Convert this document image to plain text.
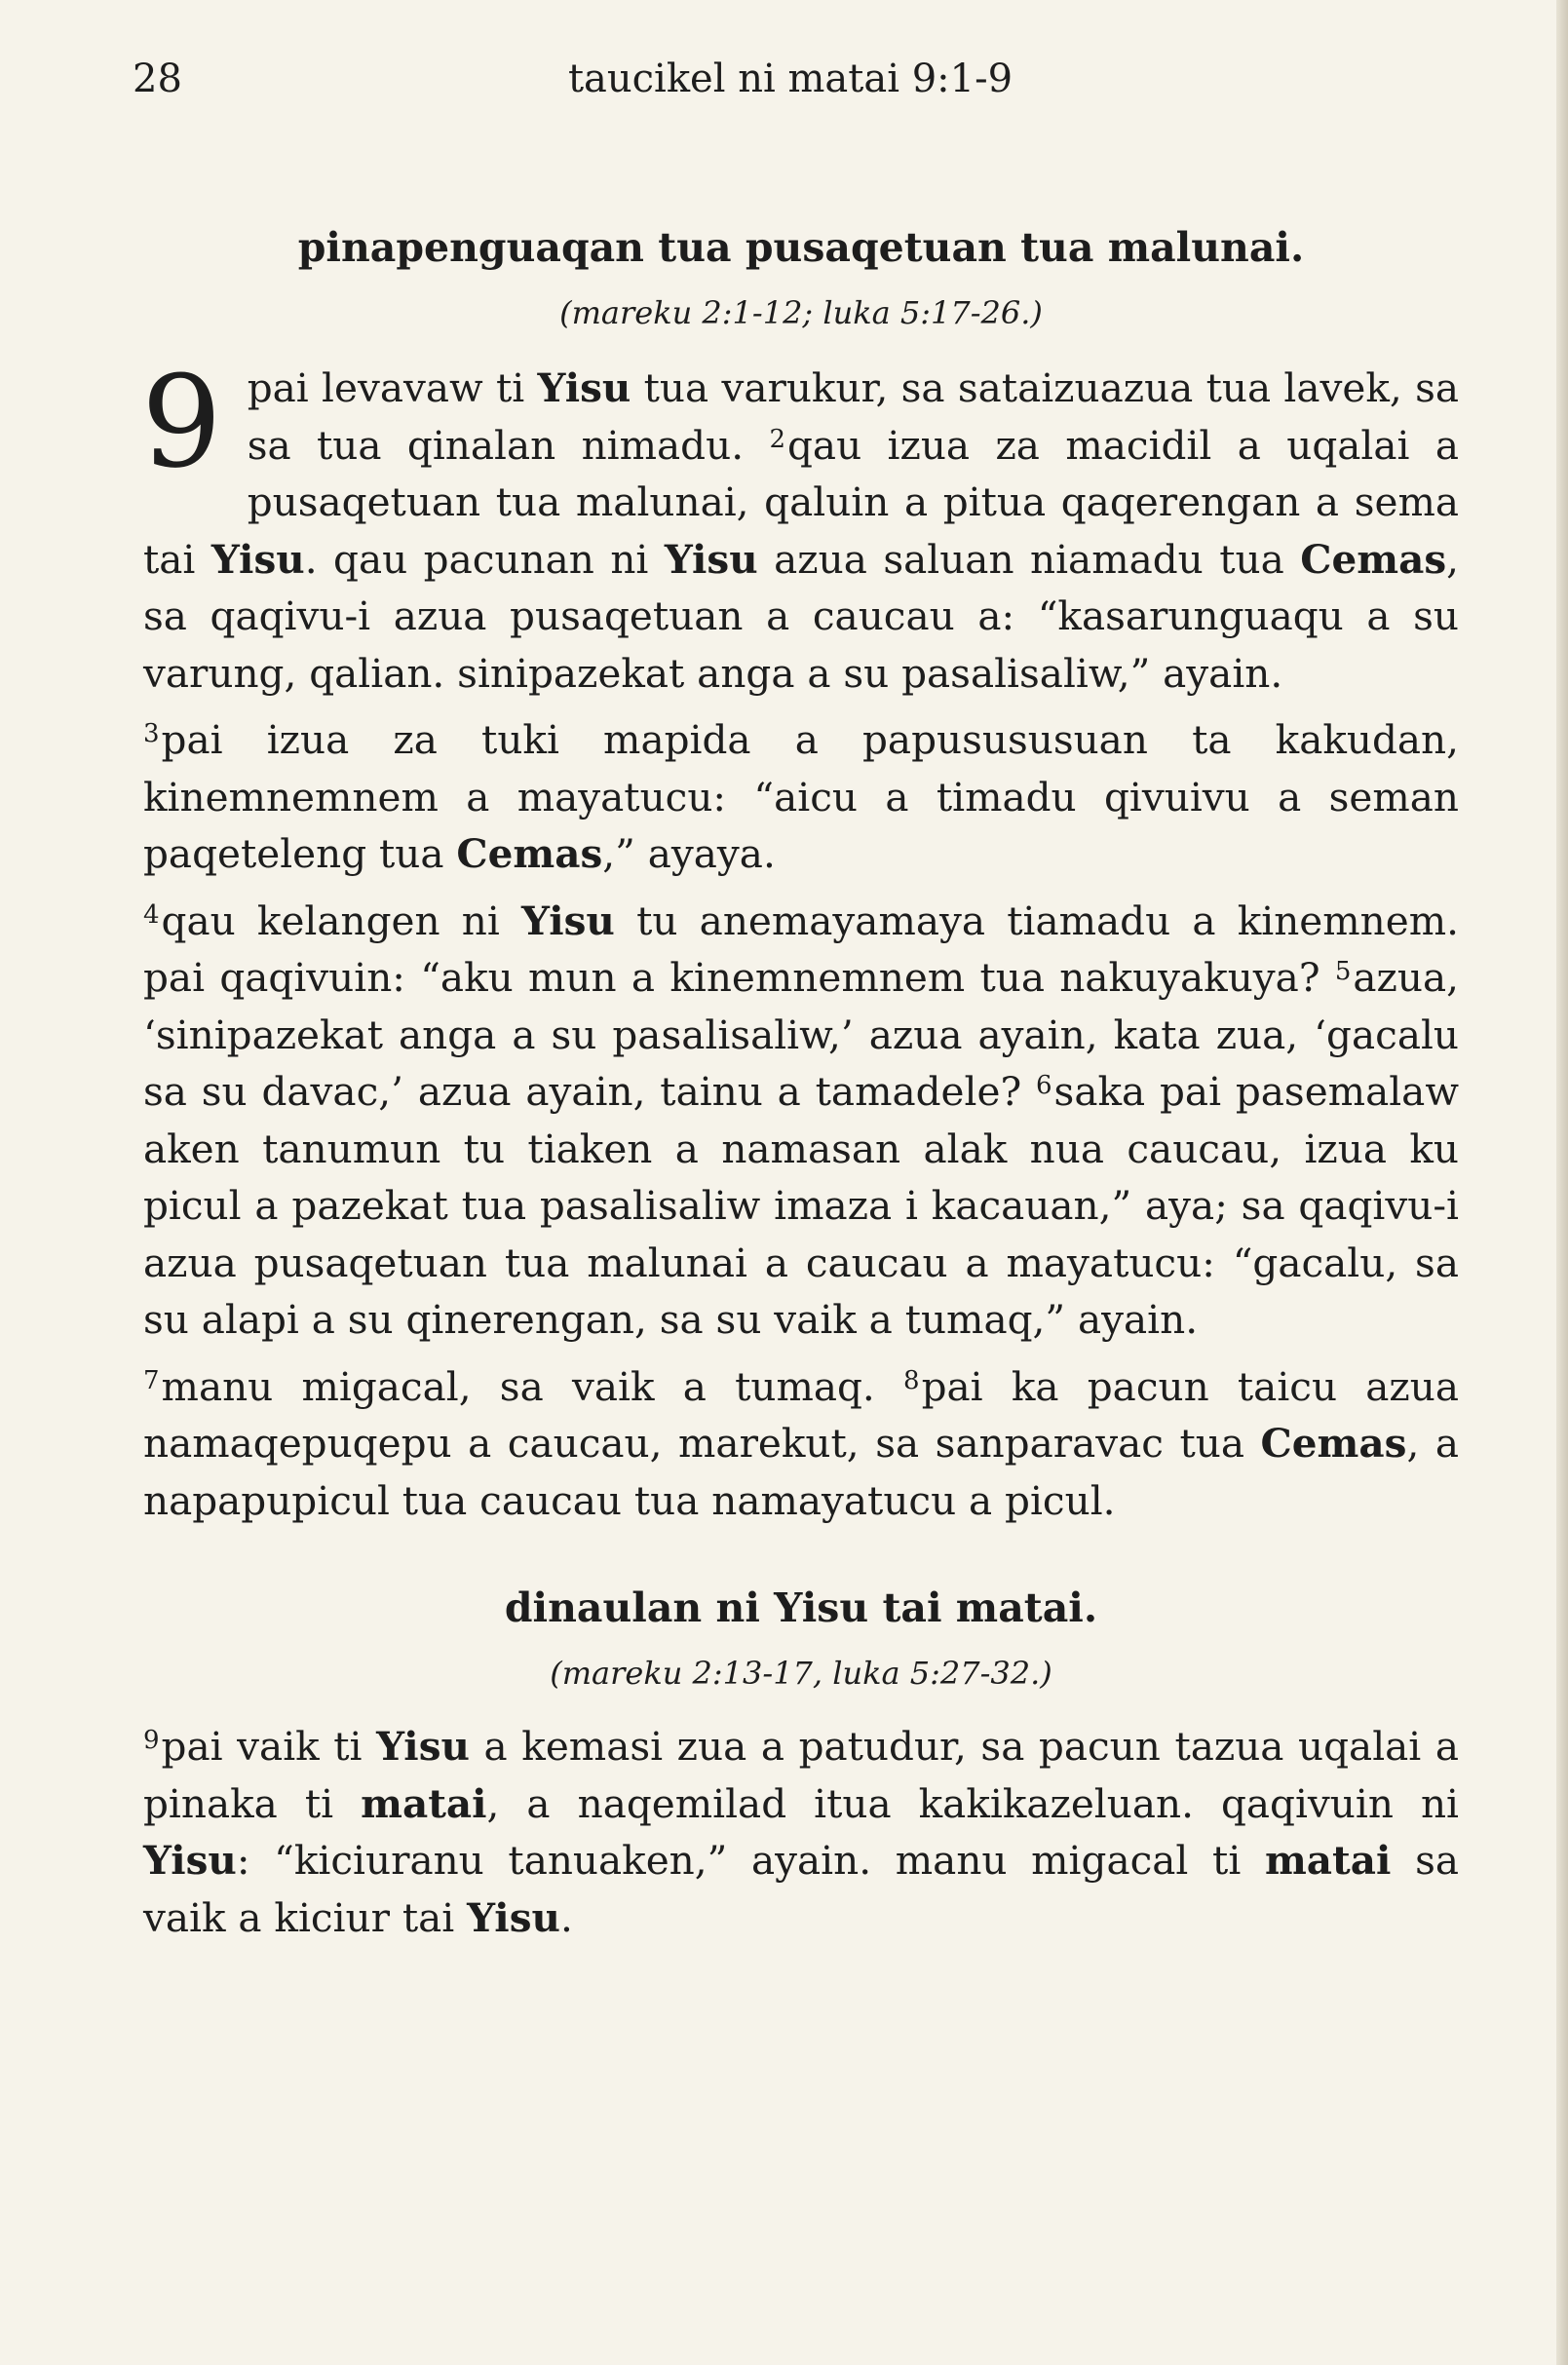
28	taucikel ni matai 9:1-9
pinapenguaqan tua pusaqetuan tua malunai.
(mareku 2:1-12; luka 5:17-26.)

9 pai levavaw ti Yisu tua varukur, sa sataizuazua tua lavek, sa sa tua qinalan nimadu. $^2$qau izua za macidil a uqalai a pusaqetuan tua malunai, qaluin a pitua qaqerengan a sema tai Yisu. qau pacunan ni Yisu azua saluan niamadu tua Cemas, sa qaqivu-i azua pusaqetuan a caucau a: “kasarunguaqu a su varung, qalian. sinipazekat anga a su pasalisaliw,” ayain.

$^3$pai izua za tuki mapida a papusususuan ta kakudan, kinemnemnem a mayatucu: “aicu a timadu qivuivu a seman paqeteleng tua Cemas,” ayaya.

$^4$qau kelangen ni Yisu tu anemayamaya tiamadu a kinemnem. pai qaqivuin: “aku mun a kinemnemnem tua nakuyakuya? $^5$azua, ‘sinipazekat anga a su pasalisaliw,’ azua ayain, kata zua, ‘gacalu sa su davac,’ azua ayain, tainu a tamadele? $^6$saka pai pasemalaw aken tanumun tu tiaken a namasan alak nua caucau, izua ku picul a pazekat tua pasalisaliw imaza i kacauan,” aya; sa qaqivu-i azua pusaqetuan tua malunai a caucau a mayatucu: “gacalu, sa su alapi a su qinerengan, sa su vaik a tumaq,” ayain.

$^7$manu migacal, sa vaik a tumaq. $^8$pai ka pacun taicu azua namaqepuqepu a caucau, marekut, sa sanparavac tua Cemas, a napapupicul tua caucau tua namayatucu a picul.

dinaulan ni Yisu tai matai.
(mareku 2:13-17, luka 5:27-32.)

$^9$pai vaik ti Yisu a kemasi zua a patudur, sa pacun tazua uqalai a pinaka ti matai, a naqemilad itua kakikazeluan. qaqivuin ni Yisu: “kiciuranu tanuaken,” ayain. manu migacal ti matai sa vaik a kiciur tai Yisu.
